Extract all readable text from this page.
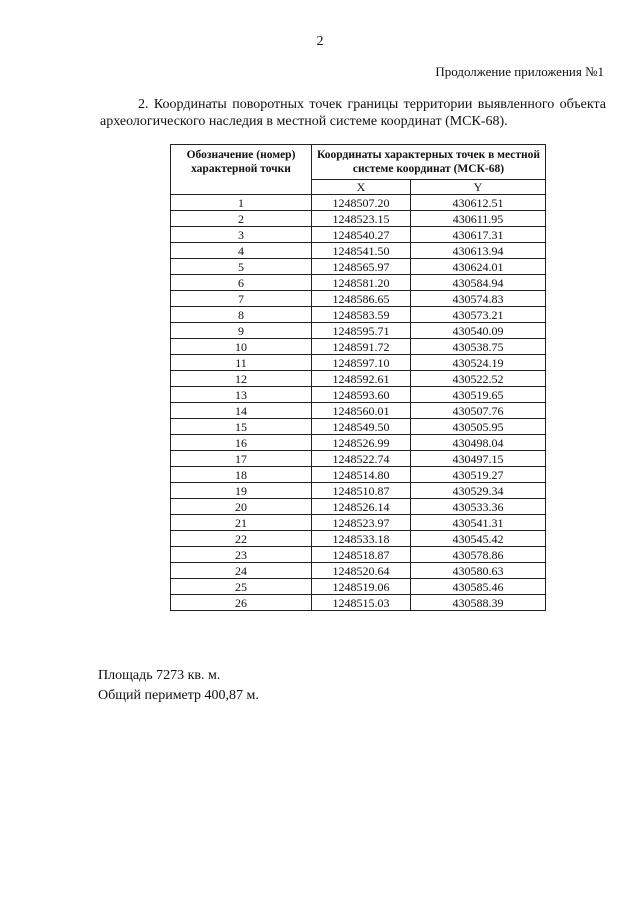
2
Продолжение приложения №1
2. Координаты поворотных точек границы территории выявленного объекта археологического наследия в местной системе координат (МСК-68).
Обозначение (номер) характерной точки	Координаты характерных точек в местной системе координат (МСК-68)	
	X	Y
1	1248507.20	430612.51
2	1248523.15	430611.95
3	1248540.27	430617.31
4	1248541.50	430613.94
5	1248565.97	430624.01
6	1248581.20	430584.94
7	1248586.65	430574.83
8	1248583.59	430573.21
9	1248595.71	430540.09
10	1248591.72	430538.75
11	1248597.10	430524.19
12	1248592.61	430522.52
13	1248593.60	430519.65
14	1248560.01	430507.76
15	1248549.50	430505.95
16	1248526.99	430498.04
17	1248522.74	430497.15
18	1248514.80	430519.27
19	1248510.87	430529.34
20	1248526.14	430533.36
21	1248523.97	430541.31
22	1248533.18	430545.42
23	1248518.87	430578.86
24	1248520.64	430580.63
25	1248519.06	430585.46
26	1248515.03	430588.39
Площадь 7273 кв. м.
Общий периметр 400,87 м.
